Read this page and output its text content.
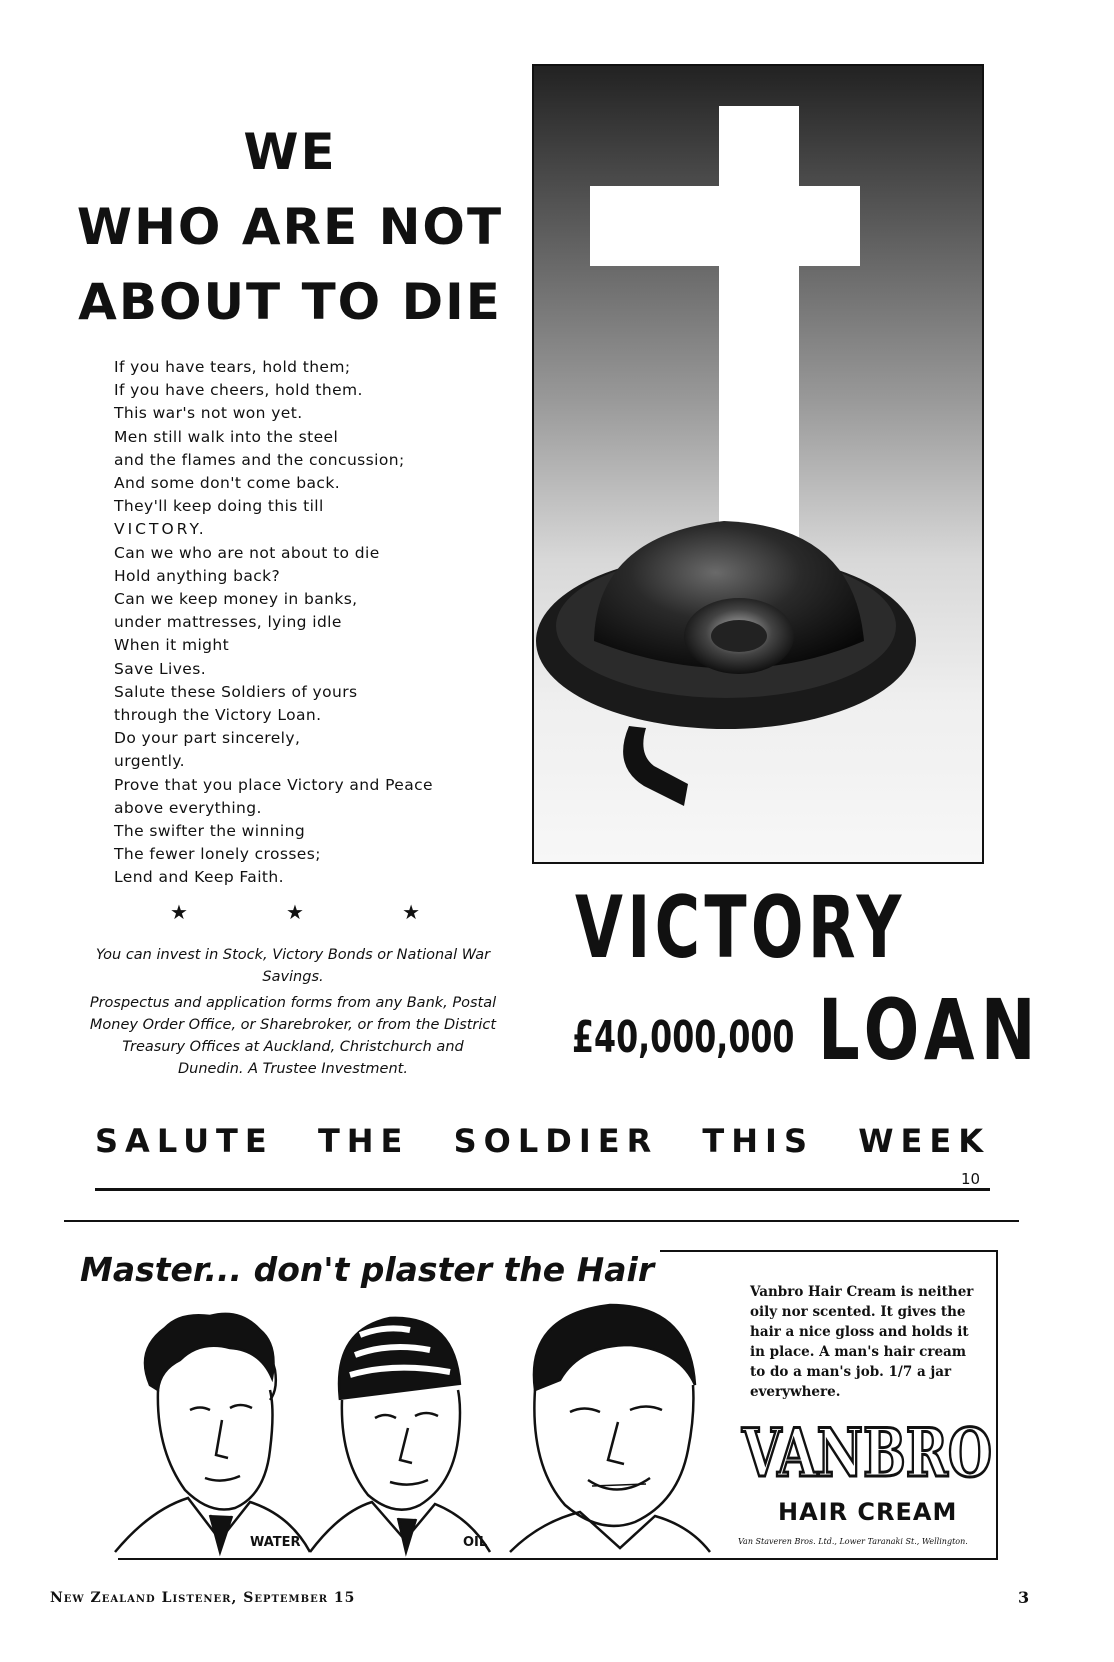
WE
WHO ARE NOT
ABOUT TO DIE
If you have tears, hold them;
If you have cheers, hold them.
This war's not won yet.
Men still walk into the steel
and the flames and the concussion;
And some don't come back.
They'll keep doing this till
VICTORY.
Can we who are not about to die
Hold anything back?
Can we keep money in banks,
under mattresses, lying idle
When it might
Save Lives.
Salute these Soldiers of yours
through the Victory Loan.
Do your part sincerely,
urgently.
Prove that you place Victory and Peace
above everything.
The swifter the winning
The fewer lonely crosses;
Lend and Keep Faith.
★	★	★

You can invest in Stock, Victory Bonds or National War Savings.

Prospectus and application forms from any Bank, Postal Money Order Office, or Sharebroker, or from the District Treasury Offices at Auckland, Christchurch and Dunedin. A Trustee Investment.

VICTORY
£40,000,000 LOAN
SALUTE THE SOLDIER THIS WEEK
10
Master... don't plaster the Hair
WATER	OIL
Vanbro Hair Cream is neither oily nor scented. It gives the hair a nice gloss and holds it in place. A man's hair cream to do a man's job. 1/7 a jar everywhere.
VANBRO
HAIR CREAM
Van Staveren Bros. Ltd., Lower Taranaki St., Wellington.
New Zealand Listener, September 15	3
